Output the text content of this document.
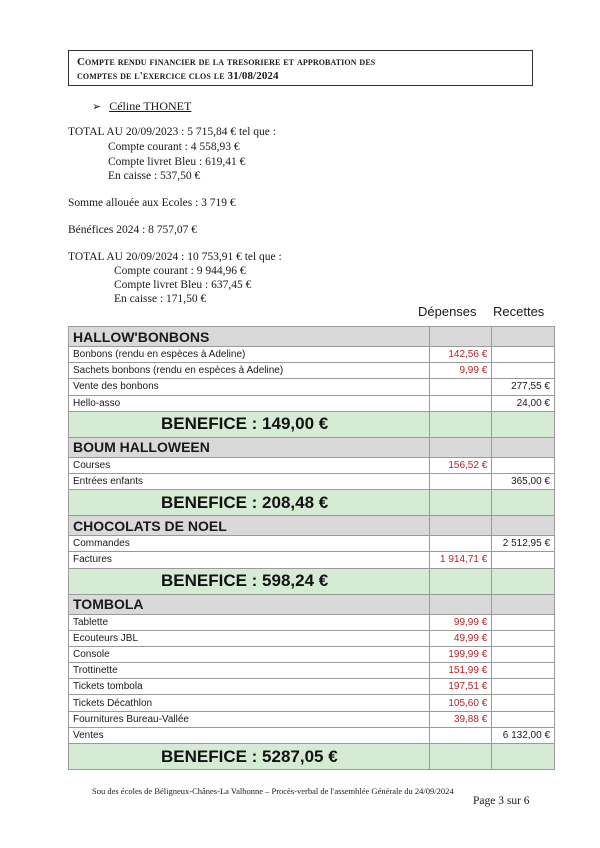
Compte rendu financier de la tresoriere et approbation des
comptes de l'exercice clos le 31/08/2024
➢ Céline THONET
TOTAL AU 20/09/2023 : 5 715,84 € tel que :
Compte courant : 4 558,93 €
Compte livret Bleu : 619,41 €
En caisse : 537,50 €
Somme allouée aux Ecoles : 3 719 €
Bénéfices 2024 : 8 757,07 €
TOTAL AU 20/09/2024 : 10 753,91 € tel que :
Compte courant : 9 944,96 €
Compte livret Bleu : 637,45 €
En caisse : 171,50 €
Dépenses Recettes
HALLOW'BONBONS		
Bonbons (rendu en espèces à Adeline)	142,56 €	
Sachets bonbons (rendu en espèces à Adeline)	9,99 €	
Vente des bonbons		277,55 €
Hello-asso		24,00 €
BENEFICE : 149,00 €		
BOUM HALLOWEEN		
Courses	156,52 €	
Entrées enfants		365,00 €
BENEFICE : 208,48 €		
CHOCOLATS DE NOEL		
Commandes		2 512,95 €
Factures	1 914,71 €	
BENEFICE : 598,24 €		
TOMBOLA		
Tablette	99,99 €	
Ecouteurs JBL	49,99 €	
Console	199,99 €	
Trottinette	151,99 €	
Tickets tombola	197,51 €	
Tickets Décathlon	105,60 €	
Fournitures Bureau-Vallée	39,88 €	
Ventes		6 132,00 €
BENEFICE : 5287,05 €		
Sou des écoles de Béligneux-Chânes-La Valbonne – Procès-verbal de l'assemblée Générale du 24/09/2024
Page 3 sur 6
